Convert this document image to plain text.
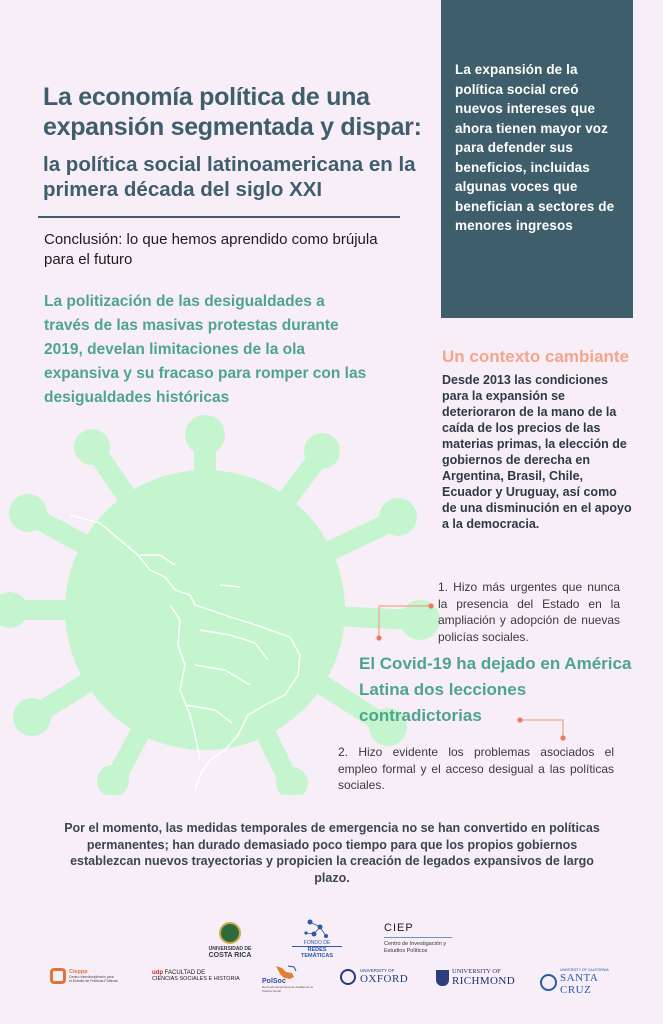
La expansión de la política social creó nuevos intereses que ahora tienen mayor voz para defender sus beneficios, incluidas algunas voces que benefician a sectores de menores ingresos

La economía política de una expansión segmentada y dispar:
la política social latinoamericana en la primera década del siglo XXI

Conclusión: lo que hemos aprendido como brújula para el futuro

La politización de las desigualdades a través de las masivas protestas durante 2019, develan limitaciones de la ola expansiva y su fracaso para romper con las desigualdades históricas

Un contexto cambiante

Desde 2013 las condiciones para la expansión se deterioraron de la mano de la caída de los precios de las materias primas, la elección de gobiernos de derecha en Argentina, Brasil, Chile, Ecuador y Uruguay, así como de una disminución en el apoyo a la democracia.

1. Hizo más urgentes que nunca la presencia del Estado en la ampliación y adopción de nuevas policías sociales.

El Covid-19 ha dejado en América Latina dos lecciones contradictorias

2. Hizo evidente los problemas asociados el empleo formal y el acceso desigual a las políticas sociales.

Por el momento, las medidas temporales de emergencia no se han convertido en políticas permanentes; han durado demasiado poco tiempo para que los propios gobiernos establezcan nuevos trayectorias y propicien la creación de legados expansivos de largo plazo.

UNIVERSIDAD DE
COSTA RICA
FONDO DE
REDES TEMÁTICAS
CIEP
Centro de Investigación y
Estudios Políticos
Cieppp
Centro Interdisciplinario para
el Estudio de Políticas Públicas
udp FACULTAD DE
CIENCIAS SOCIALES E HISTORIA	PolSoc
Red Latinoamericana de Análisis de la Política Social
UNIVERSITY OF
OXFORD
UNIVERSITY OF
RICHMOND
UNIVERSITY OF CALIFORNIA
SANTA CRUZ
